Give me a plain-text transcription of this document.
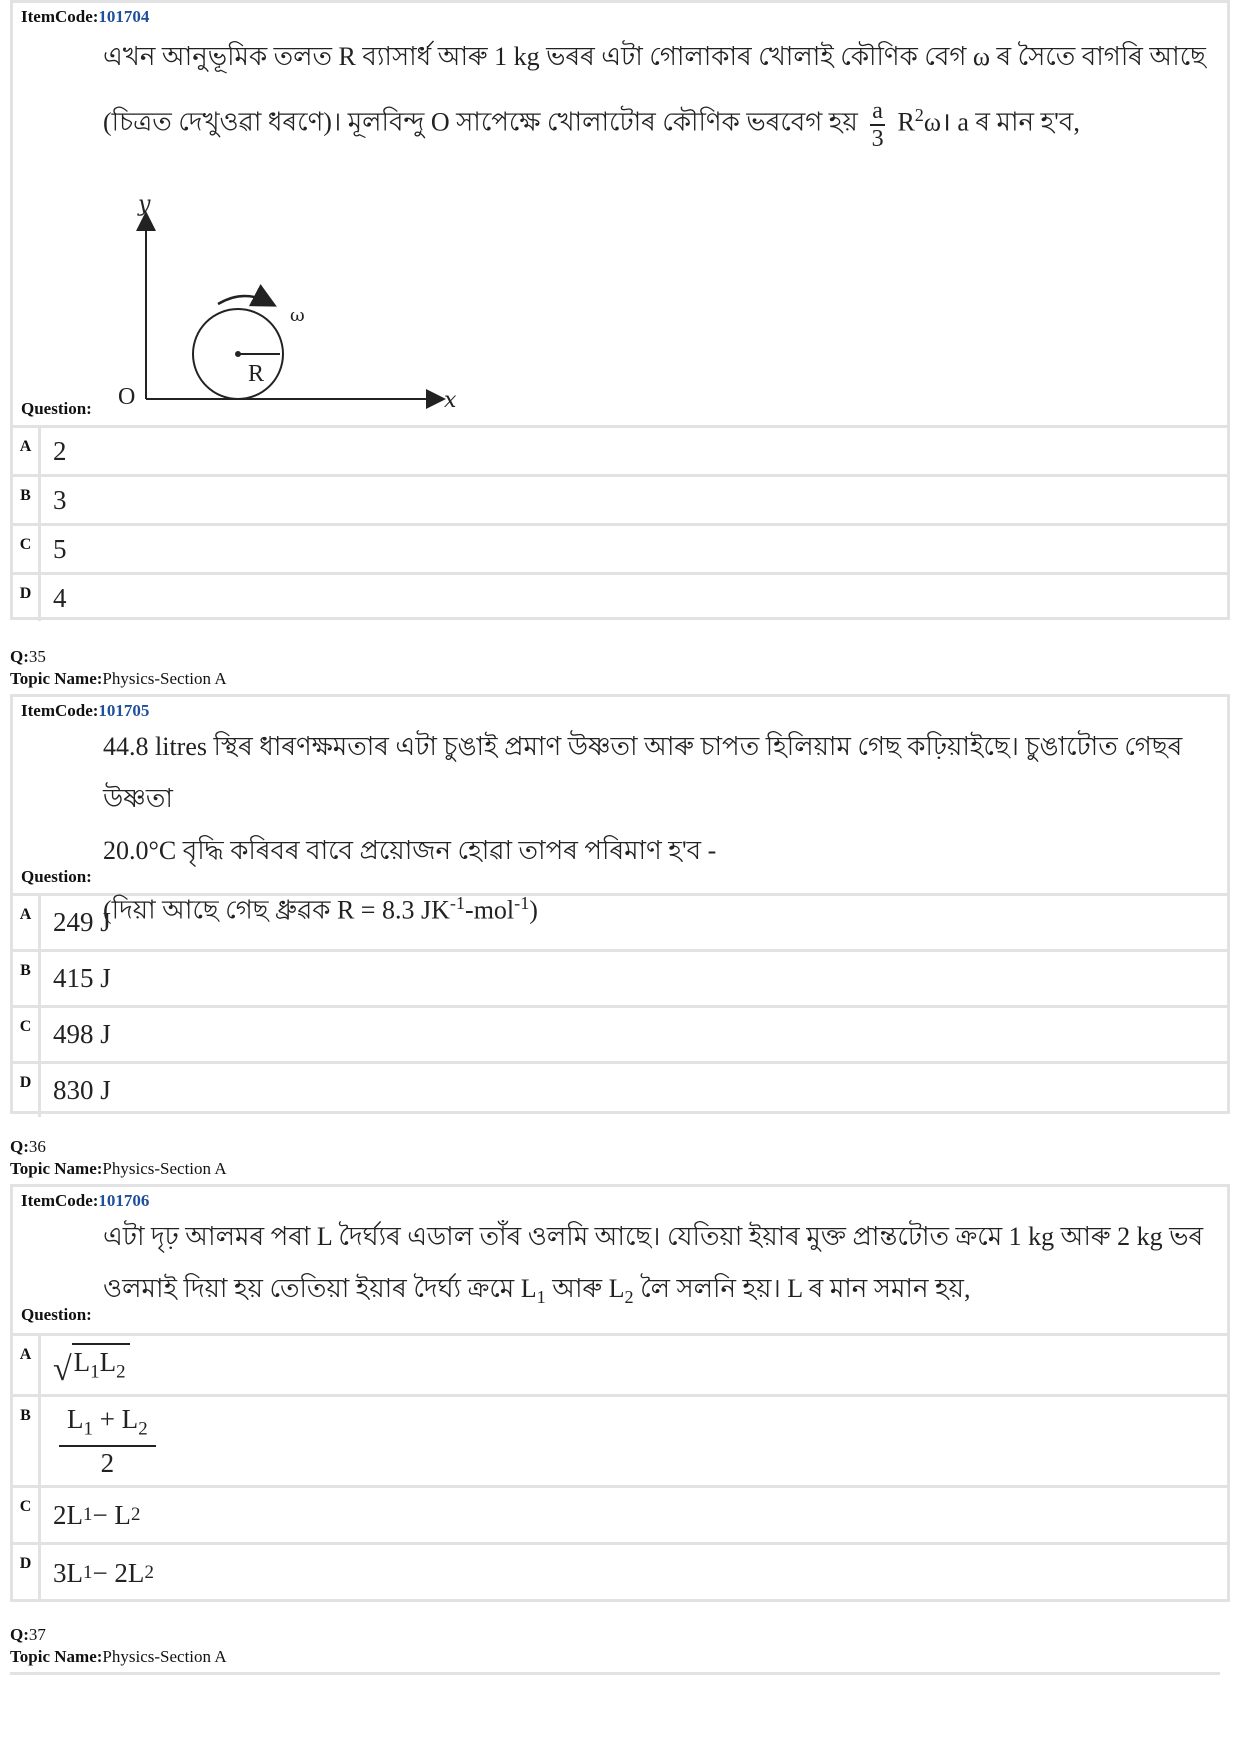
ItemCode:101704
এখন আনুভূমিক তলত R ব্যাসাৰ্ধ আৰু 1 kg ভৰৰ এটা গোলাকাৰ খোলাই কৌণিক বেগ ω ৰ সৈতে বাগৰি আছে
(চিত্ৰত দেখুওৱা ধৰণে)। মূলবিন্দু O সাপেক্ষে খোলাটোৰ কৌণিক ভৰবেগ হয় $\frac{a}{3}$ $R^2\omega।$ a ৰ মান হ'ব,
y
x
O
ω
R
Question:
A 2
B 3
C 5
D 4
Q:35
Topic Name:Physics-Section A
ItemCode:101705
44.8 litres স্থিৰ ধাৰণক্ষমতাৰ এটা চুঙাই প্ৰমাণ উষ্ণতা আৰু চাপত হিলিয়াম গেছ কঢ়িয়াইছে। চুঙাটোত গেছৰ উষ্ণতা
20.0°C বৃদ্ধি কৰিবৰ বাবে প্ৰয়োজন হোৱা তাপৰ পৰিমাণ হ'ব -
(দিয়া আছে গেছ ধ্ৰুৱক R = 8.3 $JK^{-1}-mol^{-1}$)
Question:
A 249 J
B 415 J
C 498 J
D 830 J
Q:36
Topic Name:Physics-Section A
ItemCode:101706
এটা দৃঢ় আলমৰ পৰা L দৈৰ্ঘ্যৰ এডাল তাঁৰ ওলমি আছে। যেতিয়া ইয়াৰ মুক্ত প্ৰান্তটোত ক্ৰমে 1 kg আৰু 2 kg ভৰ
ওলমাই দিয়া হয় তেতিয়া ইয়াৰ দৈৰ্ঘ্য ক্ৰমে $L_1$ আৰু $L_2$ লৈ সলনি হয়। L ৰ মান সমান হয়,
Question:
A √ $L_1L_2$
B	$\frac{L_1 + L_2}{2}$
C 2L 1 − L 2
D 3L 1 − 2L 2
Q:37
Topic Name:Physics-Section A
